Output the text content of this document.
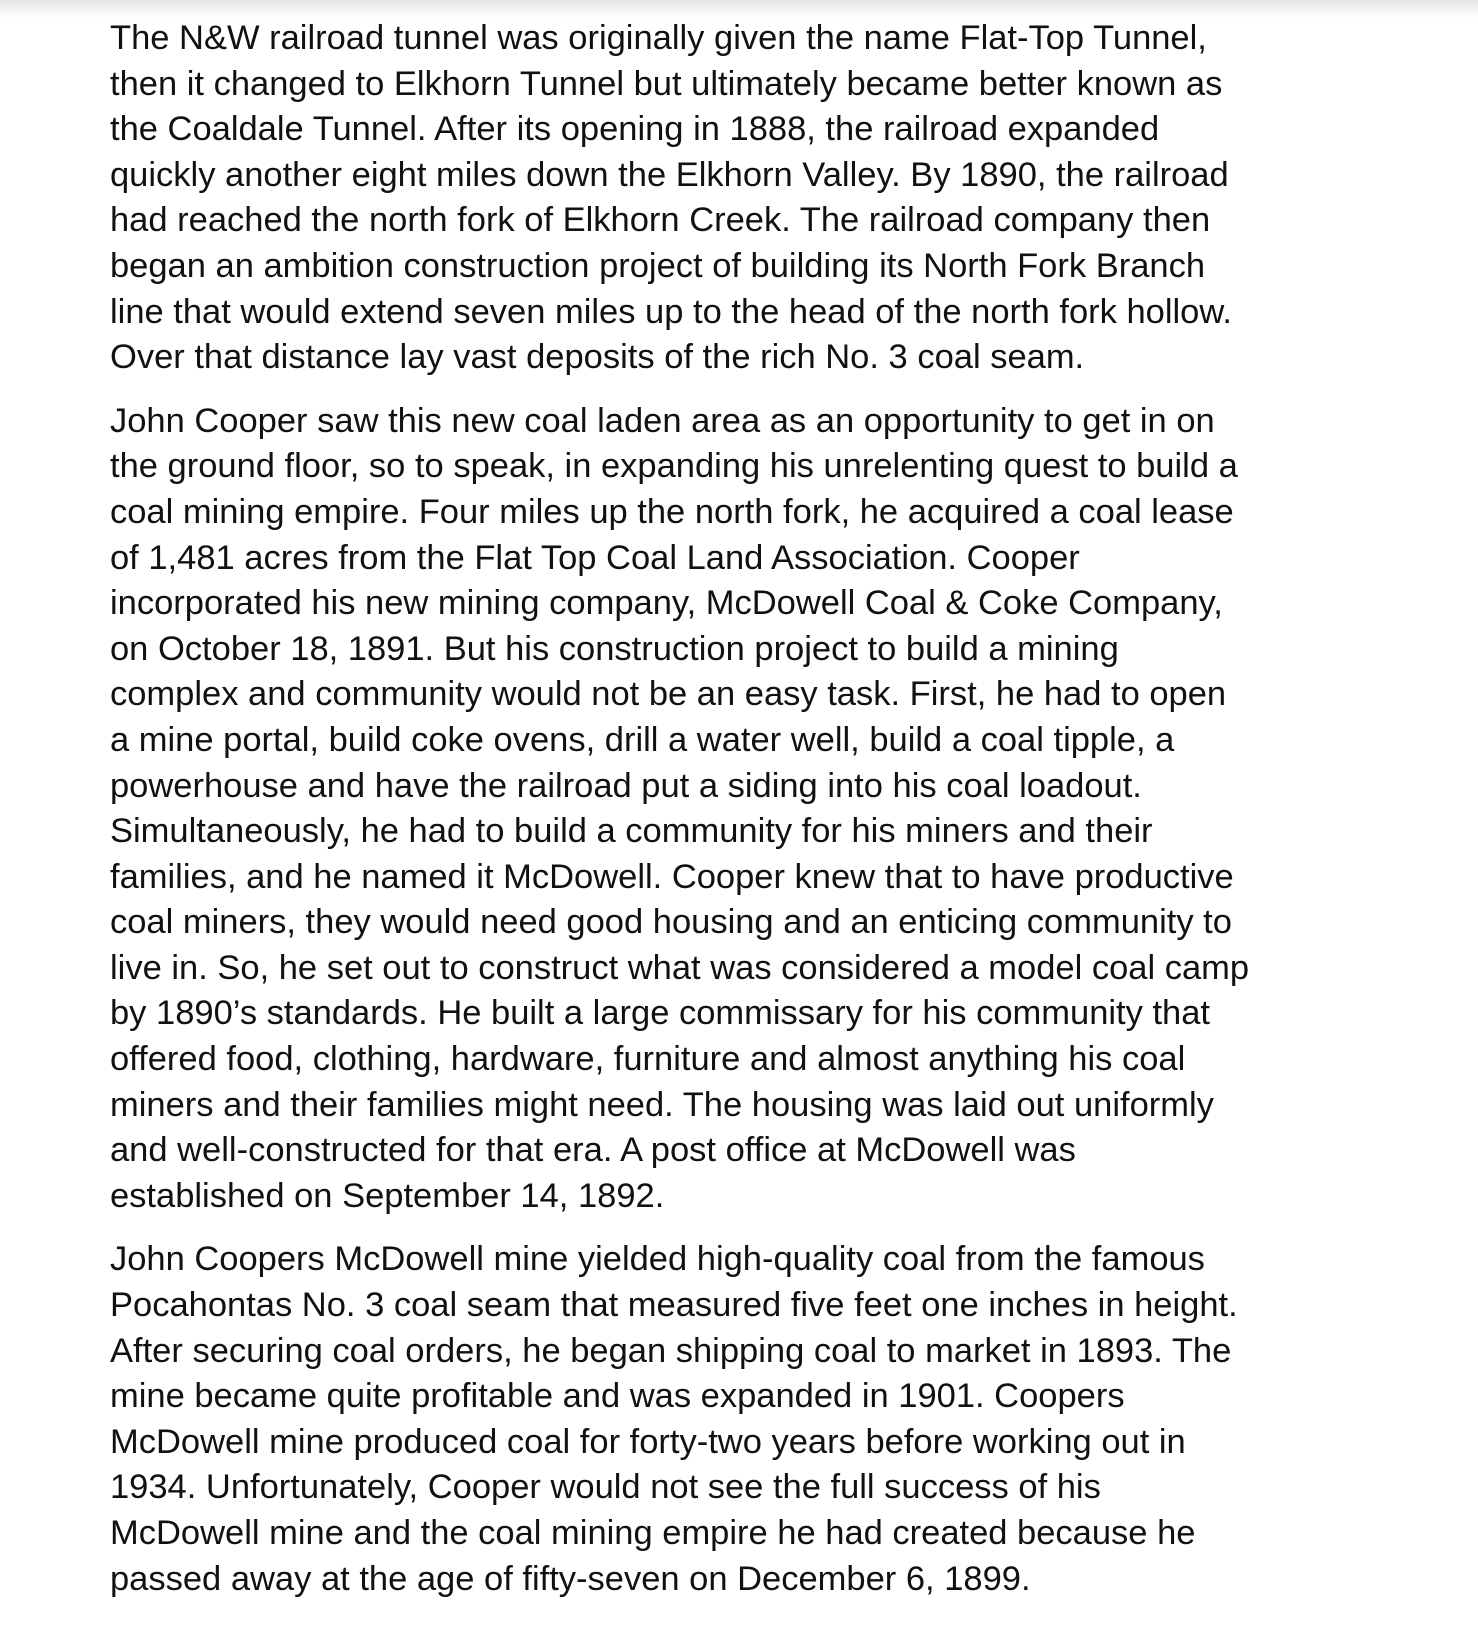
The N&W railroad tunnel was originally given the name Flat-Top Tunnel,
then it changed to Elkhorn Tunnel but ultimately became better known as
the Coaldale Tunnel. After its opening in 1888, the railroad expanded
quickly another eight miles down the Elkhorn Valley. By 1890, the railroad
had reached the north fork of Elkhorn Creek. The railroad company then
began an ambition construction project of building its North Fork Branch
line that would extend seven miles up to the head of the north fork hollow.
Over that distance lay vast deposits of the rich No. 3 coal seam.

John Cooper saw this new coal laden area as an opportunity to get in on
the ground floor, so to speak, in expanding his unrelenting quest to build a
coal mining empire. Four miles up the north fork, he acquired a coal lease
of 1,481 acres from the Flat Top Coal Land Association. Cooper
incorporated his new mining company, McDowell Coal & Coke Company,
on October 18, 1891. But his construction project to build a mining
complex and community would not be an easy task. First, he had to open
a mine portal, build coke ovens, drill a water well, build a coal tipple, a
powerhouse and have the railroad put a siding into his coal loadout.
Simultaneously, he had to build a community for his miners and their
families, and he named it McDowell. Cooper knew that to have productive
coal miners, they would need good housing and an enticing community to
live in. So, he set out to construct what was considered a model coal camp
by 1890’s standards. He built a large commissary for his community that
offered food, clothing, hardware, furniture and almost anything his coal
miners and their families might need. The housing was laid out uniformly
and well-constructed for that era. A post office at McDowell was
established on September 14, 1892.

John Coopers McDowell mine yielded high-quality coal from the famous
Pocahontas No. 3 coal seam that measured five feet one inches in height.
After securing coal orders, he began shipping coal to market in 1893. The
mine became quite profitable and was expanded in 1901. Coopers
McDowell mine produced coal for forty-two years before working out in
1934. Unfortunately, Cooper would not see the full success of his
McDowell mine and the coal mining empire he had created because he
passed away at the age of fifty-seven on December 6, 1899.
